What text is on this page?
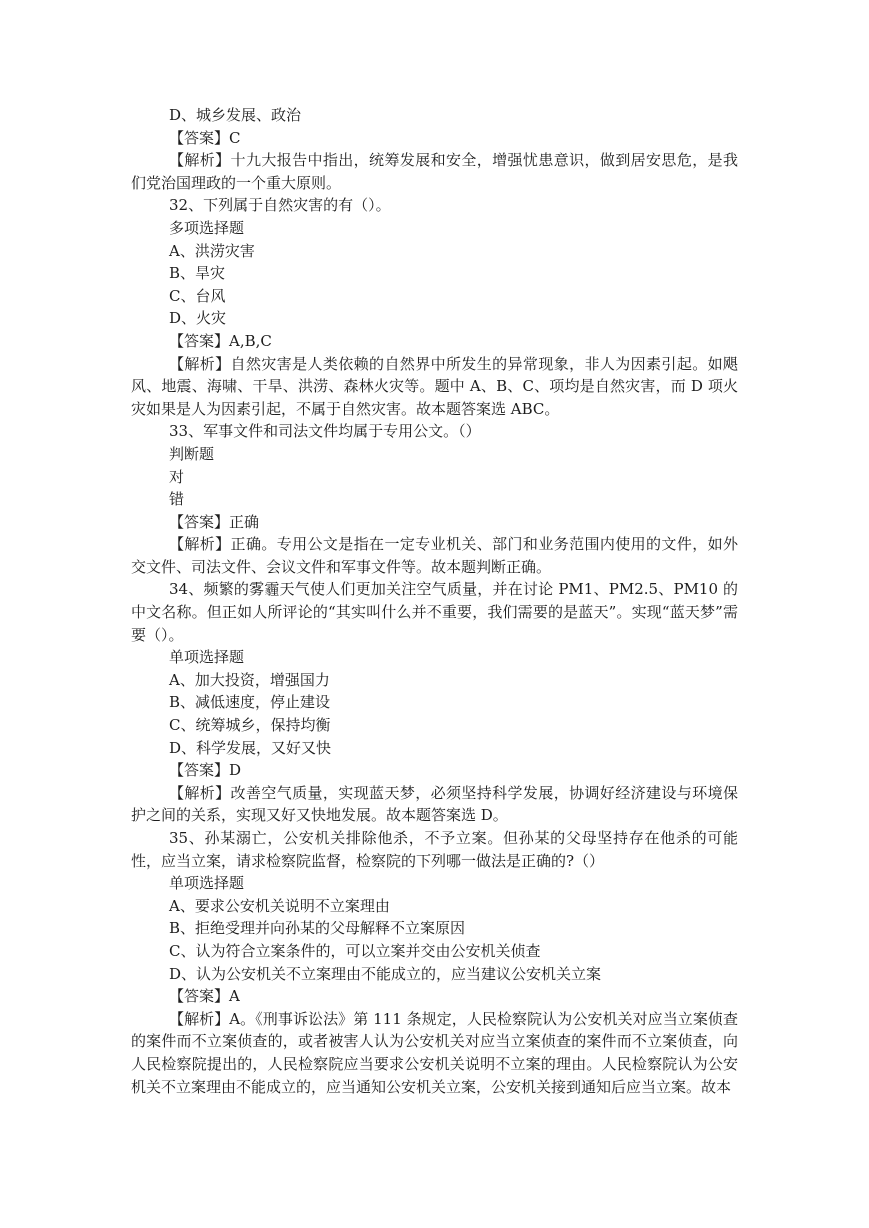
D、城乡发展、政治
【答案】C
【解析】十九大报告中指出，统筹发展和安全，增强忧患意识，做到居安思危，是我们党治国理政的一个重大原则。
32、下列属于自然灾害的有（）。
多项选择题
A、洪涝灾害
B、旱灾
C、台风
D、火灾
【答案】A,B,C
【解析】自然灾害是人类依赖的自然界中所发生的异常现象，非人为因素引起。如飓风、地震、海啸、干旱、洪涝、森林火灾等。题中 A、B、C、项均是自然灾害，而 D 项火灾如果是人为因素引起，不属于自然灾害。故本题答案选 ABC。
33、军事文件和司法文件均属于专用公文。（）
判断题
对
错
【答案】正确
【解析】正确。专用公文是指在一定专业机关、部门和业务范围内使用的文件，如外交文件、司法文件、会议文件和军事文件等。故本题判断正确。
34、频繁的雾霾天气使人们更加关注空气质量，并在讨论 PM1、PM2.5、PM10 的中文名称。但正如人所评论的“其实叫什么并不重要，我们需要的是蓝天”。实现“蓝天梦”需要（）。
单项选择题
A、加大投资，增强国力
B、减低速度，停止建设
C、统筹城乡，保持均衡
D、科学发展，又好又快
【答案】D
【解析】改善空气质量，实现蓝天梦，必须坚持科学发展，协调好经济建设与环境保护之间的关系，实现又好又快地发展。故本题答案选 D。
35、孙某溺亡，公安机关排除他杀，不予立案。但孙某的父母坚持存在他杀的可能性，应当立案，请求检察院监督，检察院的下列哪一做法是正确的?（）
单项选择题
A、要求公安机关说明不立案理由
B、拒绝受理并向孙某的父母解释不立案原因
C、认为符合立案条件的，可以立案并交由公安机关侦查
D、认为公安机关不立案理由不能成立的，应当建议公安机关立案
【答案】A
【解析】A。《刑事诉讼法》第 111 条规定，人民检察院认为公安机关对应当立案侦查的案件而不立案侦查的，或者被害人认为公安机关对应当立案侦查的案件而不立案侦查，向人民检察院提出的，人民检察院应当要求公安机关说明不立案的理由。人民检察院认为公安机关不立案理由不能成立的，应当通知公安机关立案，公安机关接到通知后应当立案。故本
